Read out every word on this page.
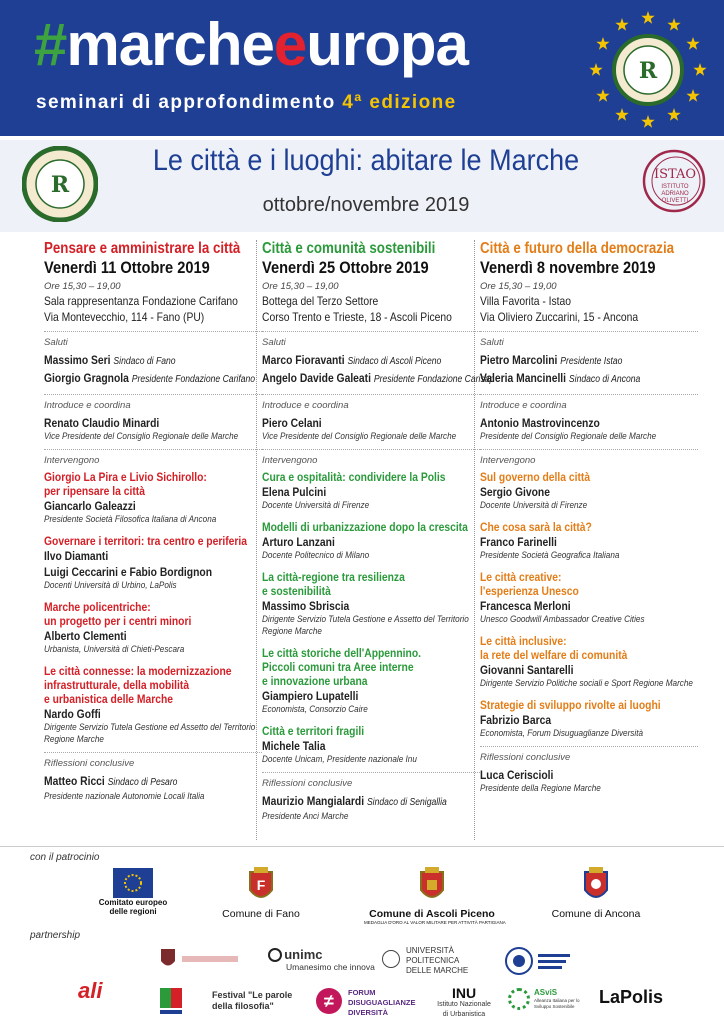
#marcheeuropa
seminari di approfondimento 4ª edizione
R
R
Le città e i luoghi: abitare le Marche
ottobre/novembre 2019
ISTAO
ISTITUTO
ADRIANO
OLIVETTI
Pensare e amministrare la città
Venerdì 11 Ottobre 2019
Ore 15,30 – 19,00
Sala rappresentanza Fondazione Carifano
Via Montevecchio, 114 - Fano (PU)
Saluti
Massimo Seri Sindaco di Fano
Giorgio Gragnola Presidente Fondazione Carifano
Introduce e coordina
Renato Claudio Minardi
Vice Presidente del Consiglio Regionale delle Marche
Intervengono
Giorgio La Pira e Livio Sichirollo:
per ripensare la città
Giancarlo Galeazzi
Presidente Società Filosofica Italiana di Ancona
Governare i territori: tra centro e periferia
Ilvo Diamanti
Luigi Ceccarini e Fabio Bordignon
Docenti Università di Urbino, LaPolis
Marche policentriche:
un progetto per i centri minori
Alberto Clementi
Urbanista, Università di Chieti-Pescara
Le città connesse: la modernizzazione
infrastrutturale, della mobilità
e urbanistica delle Marche
Nardo Goffi
Dirigente Servizio Tutela Gestione ed Assetto del Territorio
Regione Marche
Riflessioni conclusive
Matteo Ricci Sindaco di Pesaro
Presidente nazionale Autonomie Locali Italia
Città e comunità sostenibili
Venerdì 25 Ottobre 2019
Ore 15,30 – 19,00
Bottega del Terzo Settore
Corso Trento e Trieste, 18 - Ascoli Piceno
Saluti
Marco Fioravanti Sindaco di Ascoli Piceno
Angelo Davide Galeati Presidente Fondazione Carisap
Introduce e coordina
Piero Celani
Vice Presidente del Consiglio Regionale delle Marche
Intervengono
Cura e ospitalità: condividere la Polis
Elena Pulcini
Docente Università di Firenze
Modelli di urbanizzazione dopo la crescita
Arturo Lanzani
Docente Politecnico di Milano
La città-regione tra resilienza
e sostenibilità
Massimo Sbriscia
Dirigente Servizio Tutela Gestione e Assetto del Territorio
Regione Marche
Le città storiche dell'Appennino.
Piccoli comuni tra Aree interne
e innovazione urbana
Giampiero Lupatelli
Economista, Consorzio Caire
Città e territori fragili
Michele Talia
Docente Unicam, Presidente nazionale Inu
Riflessioni conclusive
Maurizio Mangialardi Sindaco di Senigallia
Presidente Anci Marche
Città e futuro della democrazia
Venerdì 8 novembre 2019
Ore 15,30 – 19,00
Villa Favorita - Istao
Via Oliviero Zuccarini, 15 - Ancona
Saluti
Pietro Marcolini Presidente Istao
Valeria Mancinelli Sindaco di Ancona
Introduce e coordina
Antonio Mastrovincenzo
Presidente del Consiglio Regionale delle Marche
Intervengono
Sul governo della città
Sergio Givone
Docente Università di Firenze
Che cosa sarà la città?
Franco Farinelli
Presidente Società Geografica Italiana
Le città creative:
l'esperienza Unesco
Francesca Merloni
Unesco Goodwill Ambassador Creative Cities
Le città inclusive:
la rete del welfare di comunità
Giovanni Santarelli
Dirigente Servizio Politiche sociali e Sport Regione Marche
Strategie di sviluppo rivolte ai luoghi
Fabrizio Barca
Economista, Forum Disuguaglianze Diversità
Riflessioni conclusive
Luca Ceriscioli
Presidente della Regione Marche
con il patrocinio
partnership
Comitato europeo
delle regioni
F
Comune di Fano	Comune di Ascoli Piceno
MEDAGLIA D'ORO AL VALOR MILITARE PER ATTIVITÀ PARTIGIANA
Comune di Ancona
unimc
Umanesimo che innova
UNIVERSITÀ
POLITECNICA
DELLE MARCHE
ali	Festival "Le parole
della filosofia"	≠	FORUM
DISUGUAGLIANZE
DIVERSITÀ
INU
Istituto Nazionale
di Urbanistica
ASviS
Alleanza Italiana per lo Sviluppo Sostenibile	LaPolis
